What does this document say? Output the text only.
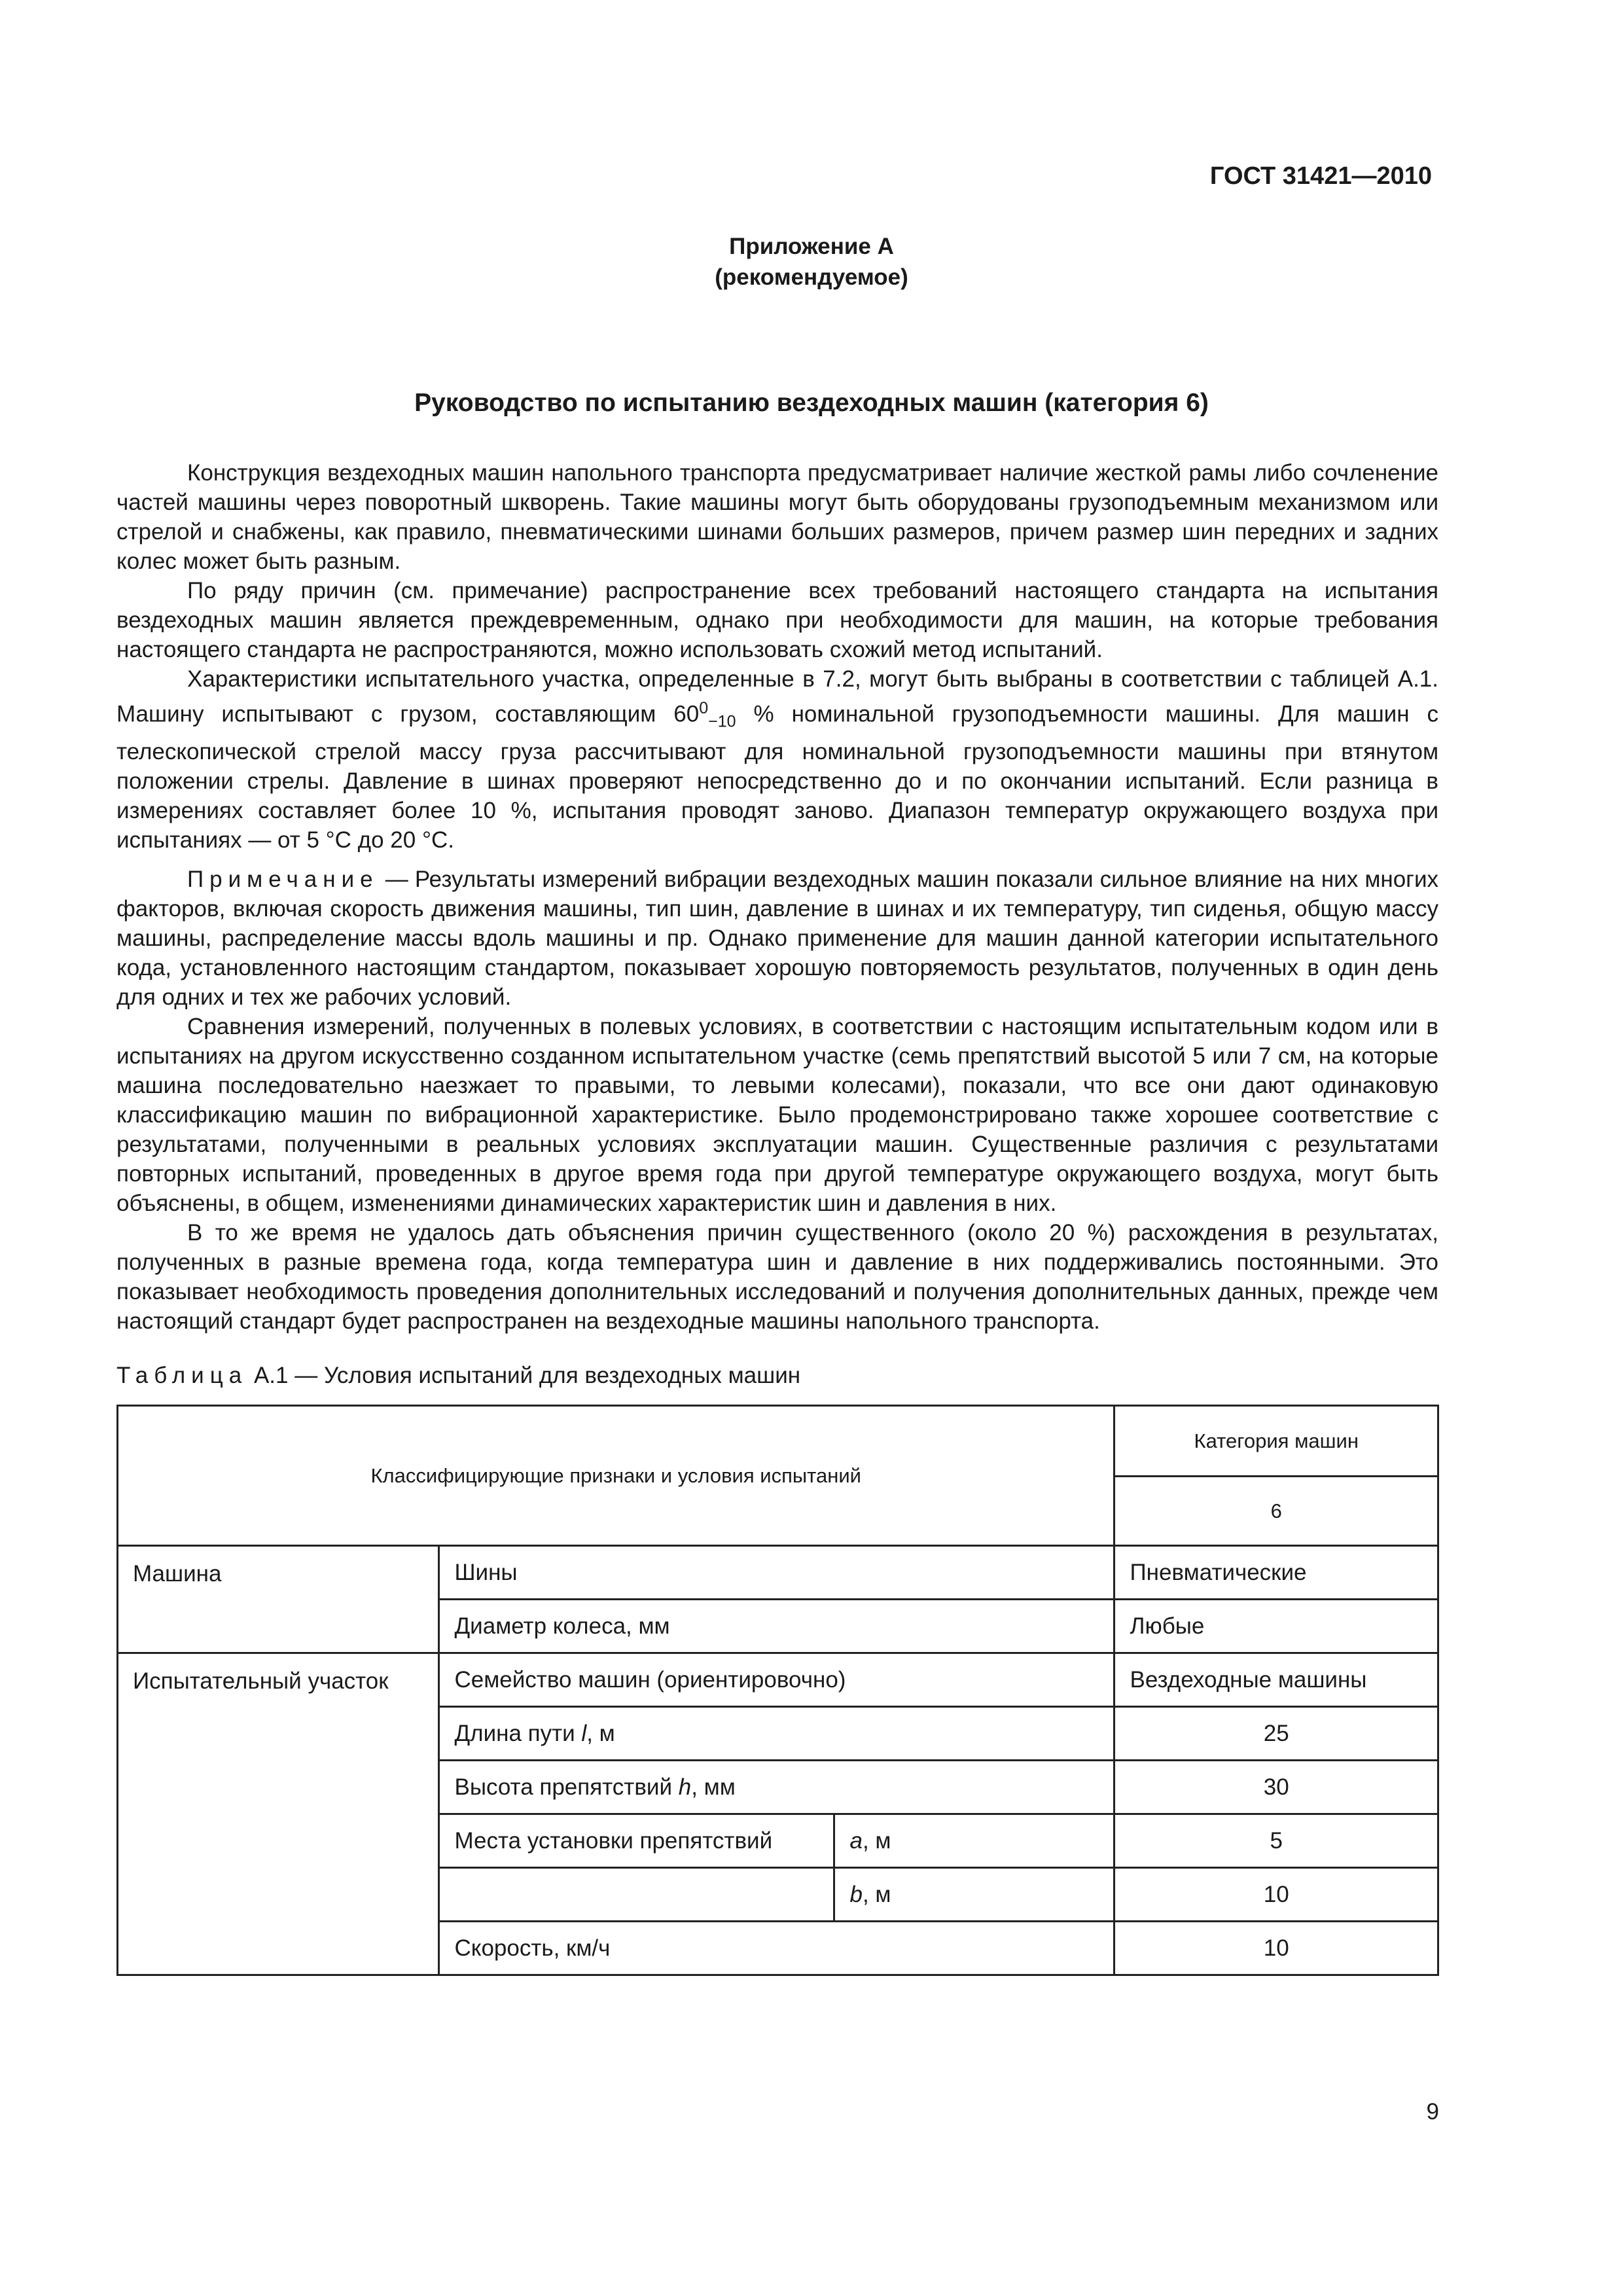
ГОСТ 31421—2010
Приложение А
(рекомендуемое)
Руководство по испытанию вездеходных машин (категория 6)

Конструкция вездеходных машин напольного транспорта предусматривает наличие жесткой рамы либо сочленение частей машины через поворотный шкворень. Такие машины могут быть оборудованы грузоподъемным механизмом или стрелой и снабжены, как правило, пневматическими шинами больших размеров, причем размер шин передних и задних колес может быть разным.

По ряду причин (см. примечание) распространение всех требований настоящего стандарта на испытания вездеходных машин является преждевременным, однако при необходимости для машин, на которые требования настоящего стандарта не распространяются, можно использовать схожий метод испытаний.

Характеристики испытательного участка, определенные в 7.2, могут быть выбраны в соответствии с таблицей А.1. Машину испытывают с грузом, составляющим $60^0_{-10}$ % номинальной грузоподъемности машины. Для машин с телескопической стрелой массу груза рассчитывают для номинальной грузоподъемности машины при втянутом положении стрелы. Давление в шинах проверяют непосредственно до и по окончании испытаний. Если разница в измерениях составляет более 10 %, испытания проводят заново. Диапазон температур окружающего воздуха при испытаниях — от 5 °С до 20 °С.

Примечание — Результаты измерений вибрации вездеходных машин показали сильное влияние на них многих факторов, включая скорость движения машины, тип шин, давление в шинах и их температуру, тип сиденья, общую массу машины, распределение массы вдоль машины и пр. Однако применение для машин данной категории испытательного кода, установленного настоящим стандартом, показывает хорошую повторяемость результатов, полученных в один день для одних и тех же рабочих условий.

Сравнения измерений, полученных в полевых условиях, в соответствии с настоящим испытательным кодом или в испытаниях на другом искусственно созданном испытательном участке (семь препятствий высотой 5 или 7 см, на которые машина последовательно наезжает то правыми, то левыми колесами), показали, что все они дают одинаковую классификацию машин по вибрационной характеристике. Было продемонстрировано также хорошее соответствие с результатами, полученными в реальных условиях эксплуатации машин. Существенные различия с результатами повторных испытаний, проведенных в другое время года при другой температуре окружающего воздуха, могут быть объяснены, в общем, изменениями динамических характеристик шин и давления в них.

В то же время не удалось дать объяснения причин существенного (около 20 %) расхождения в результатах, полученных в разные времена года, когда температура шин и давление в них поддерживались постоянными. Это показывает необходимость проведения дополнительных исследований и получения дополнительных данных, прежде чем настоящий стандарт будет распространен на вездеходные машины напольного транспорта.

Таблица А.1 — Условия испытаний для вездеходных машин
Классифицирующие признаки и условия испытаний			Категория машин
			6
Машина	Шины		Пневматические
	Диаметр колеса, мм		Любые
Испытательный участок	Семейство машин (ориентировочно)		Вездеходные машины
	Длина пути l, м		25
	Высота препятствий h, мм		30
	Места установки препятствий	a, м	5
		b, м	10
	Скорость, км/ч		10
9
